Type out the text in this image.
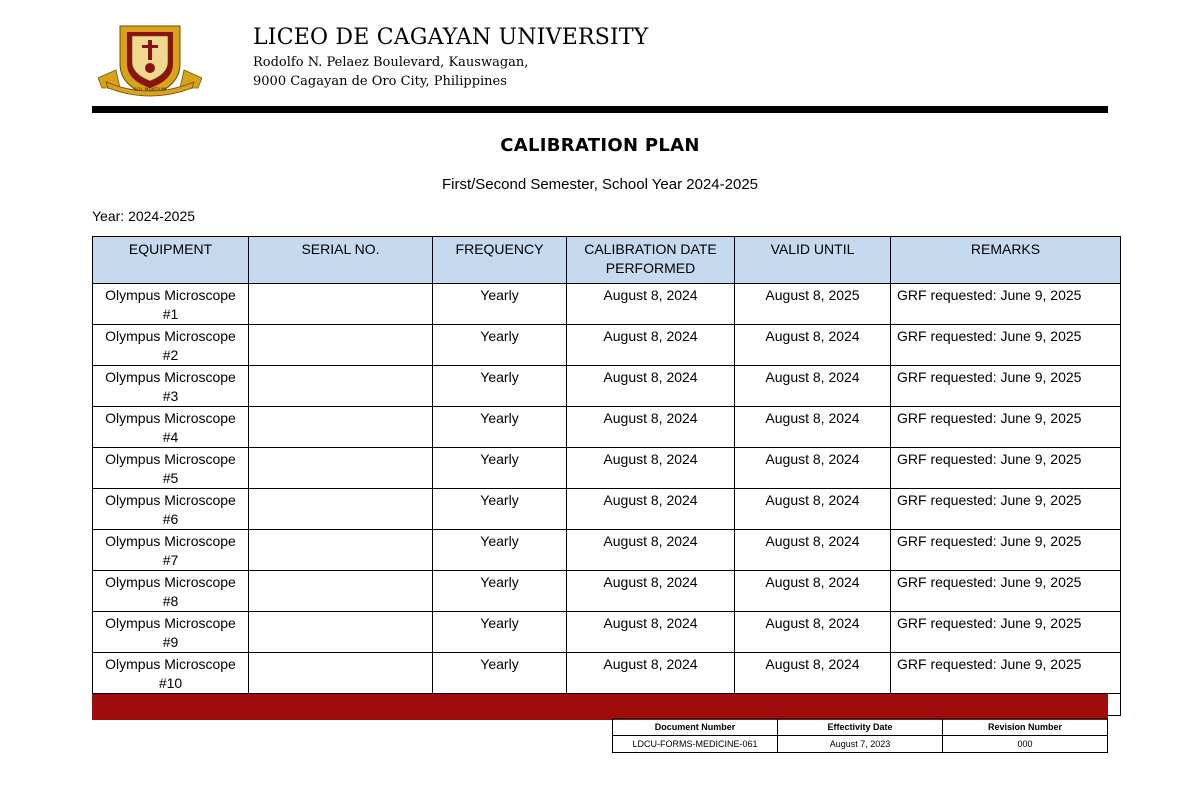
SOL MENTIUM
LICEO DE CAGAYAN UNIVERSITY
Rodolfo N. Pelaez Boulevard, Kauswagan,
9000 Cagayan de Oro City, Philippines
CALIBRATION PLAN
First/Second Semester, School Year 2024-2025
Year: 2024-2025
EQUIPMENT	SERIAL NO.	FREQUENCY	CALIBRATION DATE PERFORMED	VALID UNTIL	REMARKS
Olympus Microscope #1		Yearly	August 8, 2024	August 8, 2025	GRF requested: June 9, 2025
Olympus Microscope #2		Yearly	August 8, 2024	August 8, 2024	GRF requested: June 9, 2025
Olympus Microscope #3		Yearly	August 8, 2024	August 8, 2024	GRF requested: June 9, 2025
Olympus Microscope #4		Yearly	August 8, 2024	August 8, 2024	GRF requested: June 9, 2025
Olympus Microscope #5		Yearly	August 8, 2024	August 8, 2024	GRF requested: June 9, 2025
Olympus Microscope #6		Yearly	August 8, 2024	August 8, 2024	GRF requested: June 9, 2025
Olympus Microscope #7		Yearly	August 8, 2024	August 8, 2024	GRF requested: June 9, 2025
Olympus Microscope #8		Yearly	August 8, 2024	August 8, 2024	GRF requested: June 9, 2025
Olympus Microscope #9		Yearly	August 8, 2024	August 8, 2024	GRF requested: June 9, 2025
Olympus Microscope #10		Yearly	August 8, 2024	August 8, 2024	GRF requested: June 9, 2025

Document Number	Effectivity Date	Revision Number
LDCU-FORMS-MEDICINE-061	August 7, 2023	000
